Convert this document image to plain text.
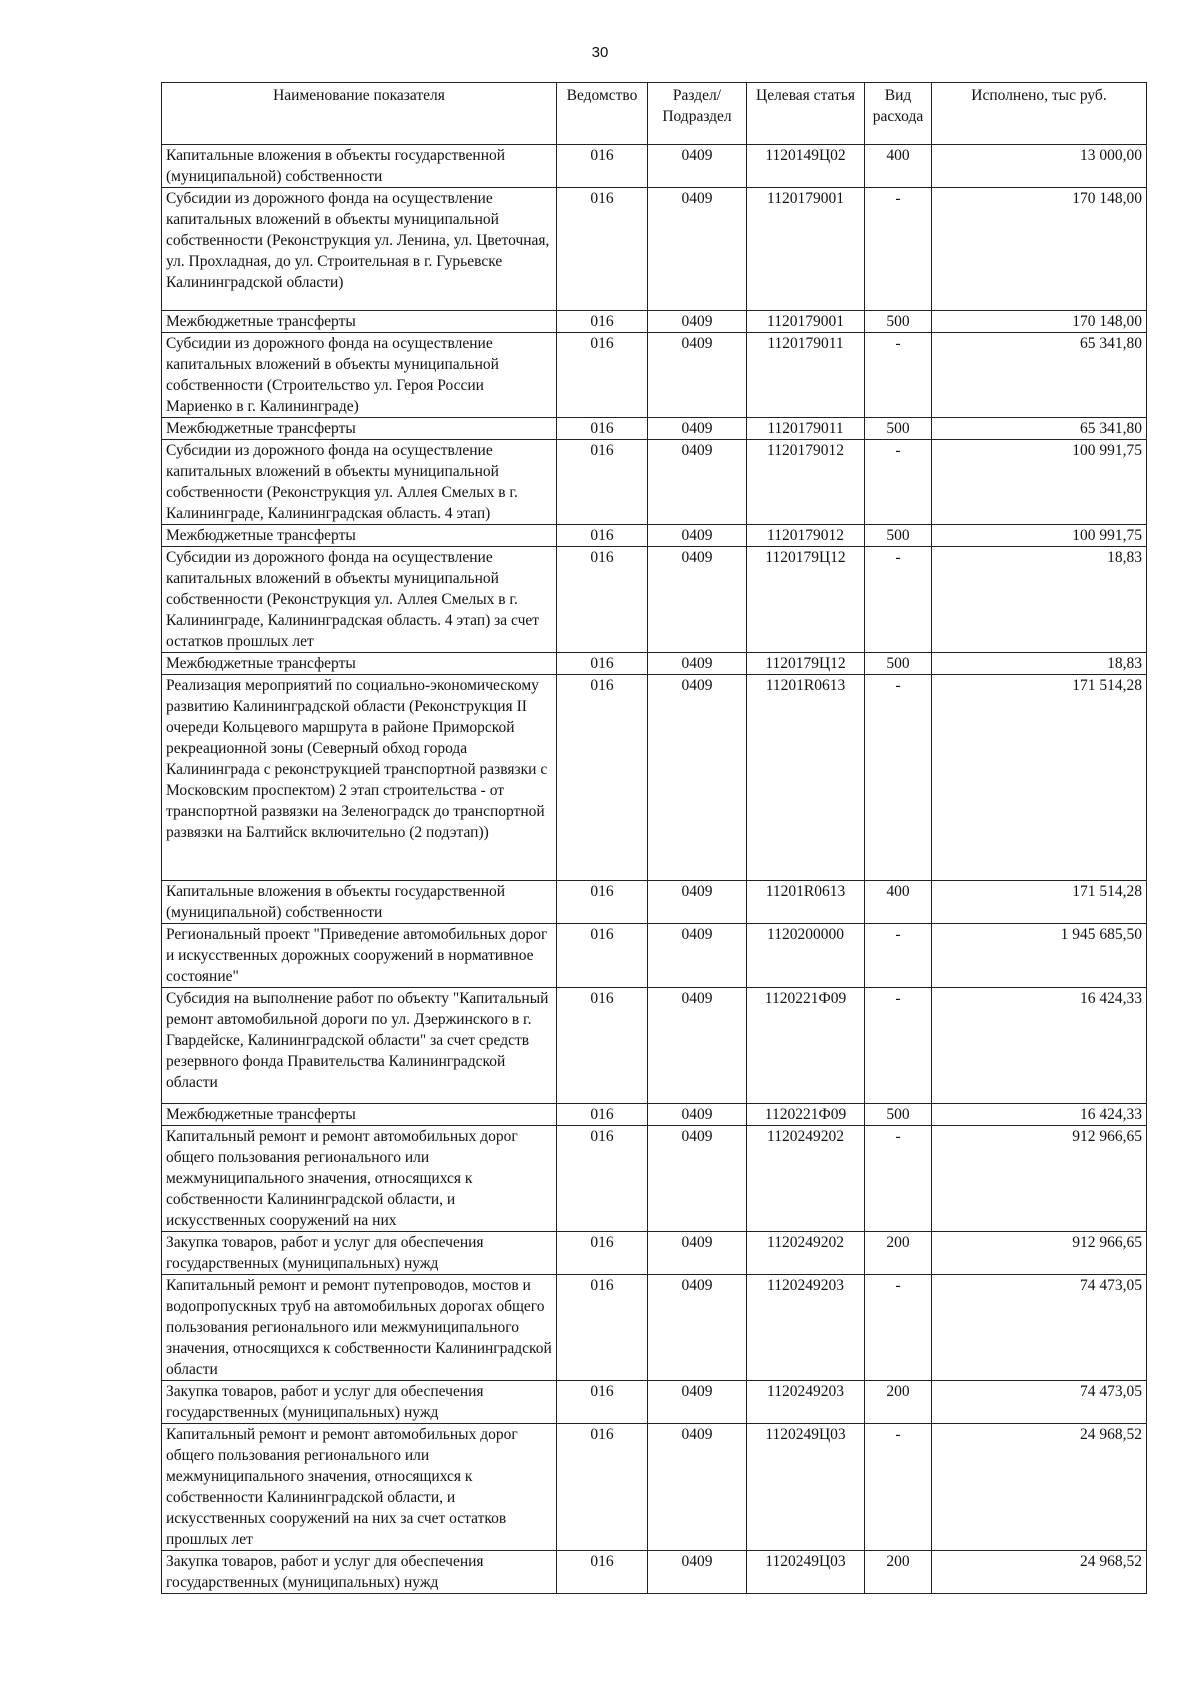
30
Наименование показателя	Ведомство	Раздел/ Подраздел	Целевая статья	Вид расхода	Исполнено, тыс руб.
Капитальные вложения в объекты государственной (муниципальной) собственности	016	0409	1120149Ц02	400	13 000,00
Субсидии из дорожного фонда на осуществление капитальных вложений в объекты муниципальной собственности (Реконструкция ул. Ленина, ул. Цветочная, ул. Прохладная, до ул. Строительная в г. Гурьевске Калининградской области)	016	0409	1120179001	-	170 148,00
Межбюджетные трансферты	016	0409	1120179001	500	170 148,00
Субсидии из дорожного фонда на осуществление капитальных вложений в объекты муниципальной собственности (Строительство ул. Героя России Мариенко в г. Калининграде)	016	0409	1120179011	-	65 341,80
Межбюджетные трансферты	016	0409	1120179011	500	65 341,80
Субсидии из дорожного фонда на осуществление капитальных вложений в объекты муниципальной собственности (Реконструкция ул. Аллея Смелых в г. Калининграде, Калининградская область. 4 этап)	016	0409	1120179012	-	100 991,75
Межбюджетные трансферты	016	0409	1120179012	500	100 991,75
Субсидии из дорожного фонда на осуществление капитальных вложений в объекты муниципальной собственности (Реконструкция ул. Аллея Смелых в г. Калининграде, Калининградская область. 4 этап) за счет остатков прошлых лет	016	0409	1120179Ц12	-	18,83
Межбюджетные трансферты	016	0409	1120179Ц12	500	18,83
Реализация мероприятий по социально-экономическому развитию Калининградской области (Реконструкция II очереди Кольцевого маршрута в районе Приморской рекреационной зоны (Северный обход города Калининграда с реконструкцией транспортной развязки с Московским проспектом) 2 этап строительства - от транспортной развязки на Зеленоградск до транспортной развязки на Балтийск включительно (2 подэтап))	016	0409	11201R0613	-	171 514,28
Капитальные вложения в объекты государственной (муниципальной) собственности	016	0409	11201R0613	400	171 514,28
Региональный проект "Приведение автомобильных дорог и искусственных дорожных сооружений в нормативное состояние"	016	0409	1120200000	-	1 945 685,50
Субсидия на выполнение работ по объекту "Капитальный ремонт автомобильной дороги по ул. Дзержинского в г. Гвардейске, Калининградской области" за счет средств резервного фонда Правительства Калининградской области	016	0409	1120221Ф09	-	16 424,33
Межбюджетные трансферты	016	0409	1120221Ф09	500	16 424,33
Капитальный ремонт и ремонт автомобильных дорог общего пользования регионального или межмуниципального значения, относящихся к собственности Калининградской области, и искусственных сооружений на них	016	0409	1120249202	-	912 966,65
Закупка товаров, работ и услуг для обеспечения государственных (муниципальных) нужд	016	0409	1120249202	200	912 966,65
Капитальный ремонт и ремонт путепроводов, мостов и водопропускных труб на автомобильных дорогах общего пользования регионального или межмуниципального значения, относящихся к собственности Калининградской области	016	0409	1120249203	-	74 473,05
Закупка товаров, работ и услуг для обеспечения государственных (муниципальных) нужд	016	0409	1120249203	200	74 473,05
Капитальный ремонт и ремонт автомобильных дорог общего пользования регионального или межмуниципального значения, относящихся к собственности Калининградской области, и искусственных сооружений на них за счет остатков прошлых лет	016	0409	1120249Ц03	-	24 968,52
Закупка товаров, работ и услуг для обеспечения государственных (муниципальных) нужд	016	0409	1120249Ц03	200	24 968,52
